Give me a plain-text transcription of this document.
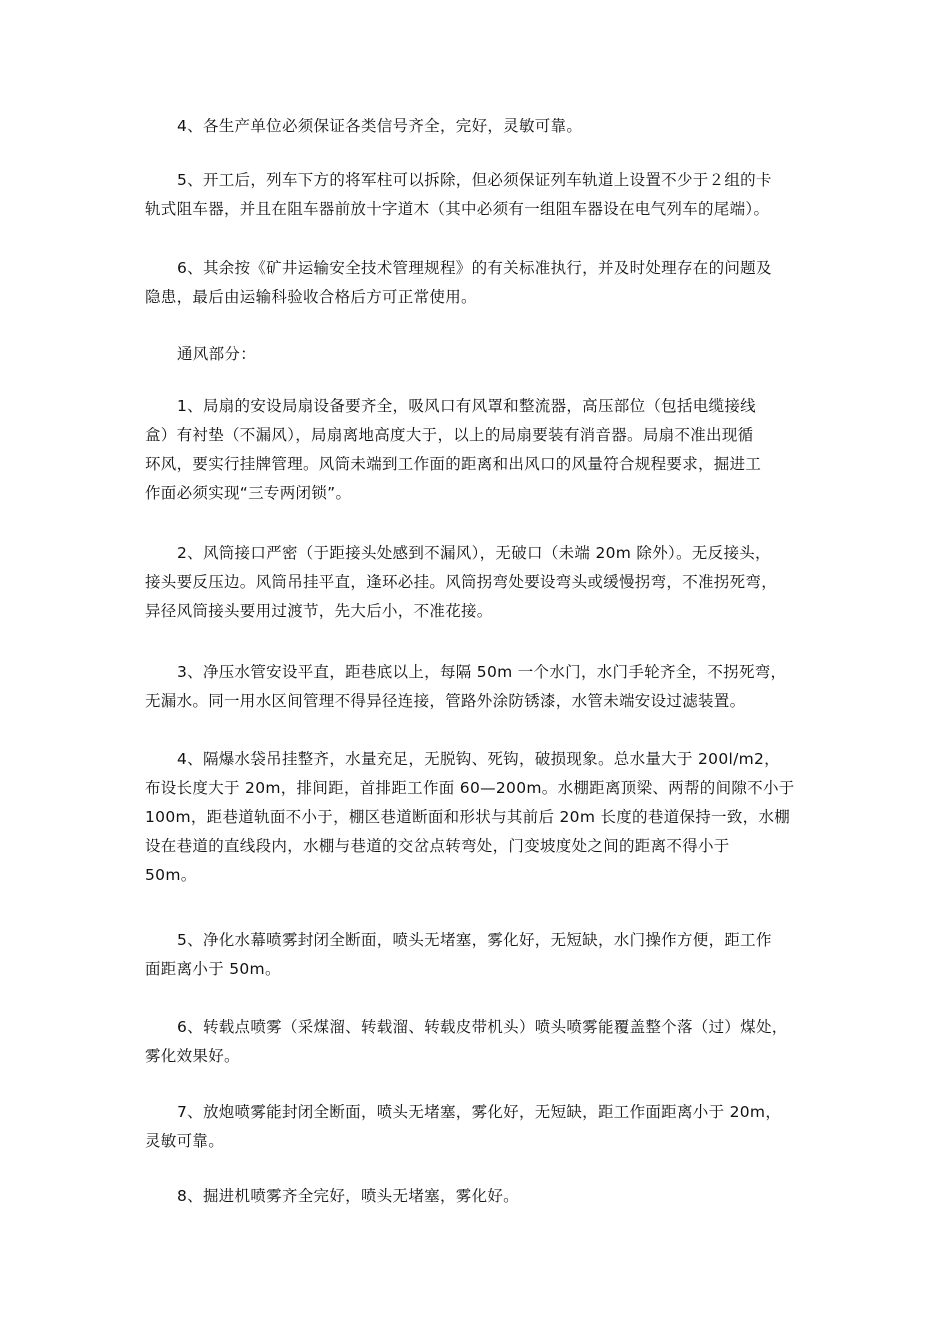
4、各生产单位必须保证各类信号齐全，完好，灵敏可靠。

5、开工后，列车下方的将军柱可以拆除，但必须保证列车轨道上设置不少于２组的卡
轨式阻车器，并且在阻车器前放十字道木（其中必须有一组阻车器设在电气列车的尾端）。

6、其余按《矿井运输安全技术管理规程》的有关标准执行，并及时处理存在的问题及
隐患，最后由运输科验收合格后方可正常使用。

通风部分：

1、局扇的安设局扇设备要齐全，吸风口有风罩和整流器，高压部位（包括电缆接线
盒）有衬垫（不漏风），局扇离地高度大于，以上的局扇要装有消音器。局扇不准出现循
环风，要实行挂牌管理。风筒未端到工作面的距离和出风口的风量符合规程要求，掘进工
作面必须实现“三专两闭锁”。

2、风筒接口严密（于距接头处感到不漏风），无破口（未端 20m 除外）。无反接头，
接头要反压边。风筒吊挂平直，逢环必挂。风筒拐弯处要设弯头或缓慢拐弯，不准拐死弯，
异径风筒接头要用过渡节，先大后小，不准花接。

3、净压水管安设平直，距巷底以上，每隔 50m 一个水门，水门手轮齐全，不拐死弯，
无漏水。同一用水区间管理不得异径连接，管路外涂防锈漆，水管未端安设过滤装置。

4、隔爆水袋吊挂整齐，水量充足，无脱钩、死钩，破损现象。总水量大于 200l/m2，
布设长度大于 20m，排间距，首排距工作面 60—200m。水棚距离顶梁、两帮的间隙不小于
100m，距巷道轨面不小于，棚区巷道断面和形状与其前后 20m 长度的巷道保持一致，水棚
设在巷道的直线段内，水棚与巷道的交岔点转弯处，门变坡度处之间的距离不得小于
50m。

5、净化水幕喷雾封闭全断面，喷头无堵塞，雾化好，无短缺，水门操作方便，距工作
面距离小于 50m。

6、转载点喷雾（采煤溜、转载溜、转载皮带机头）喷头喷雾能覆盖整个落（过）煤处，
雾化效果好。

7、放炮喷雾能封闭全断面，喷头无堵塞，雾化好，无短缺，距工作面距离小于 20m，
灵敏可靠。

8、掘进机喷雾齐全完好，喷头无堵塞，雾化好。
